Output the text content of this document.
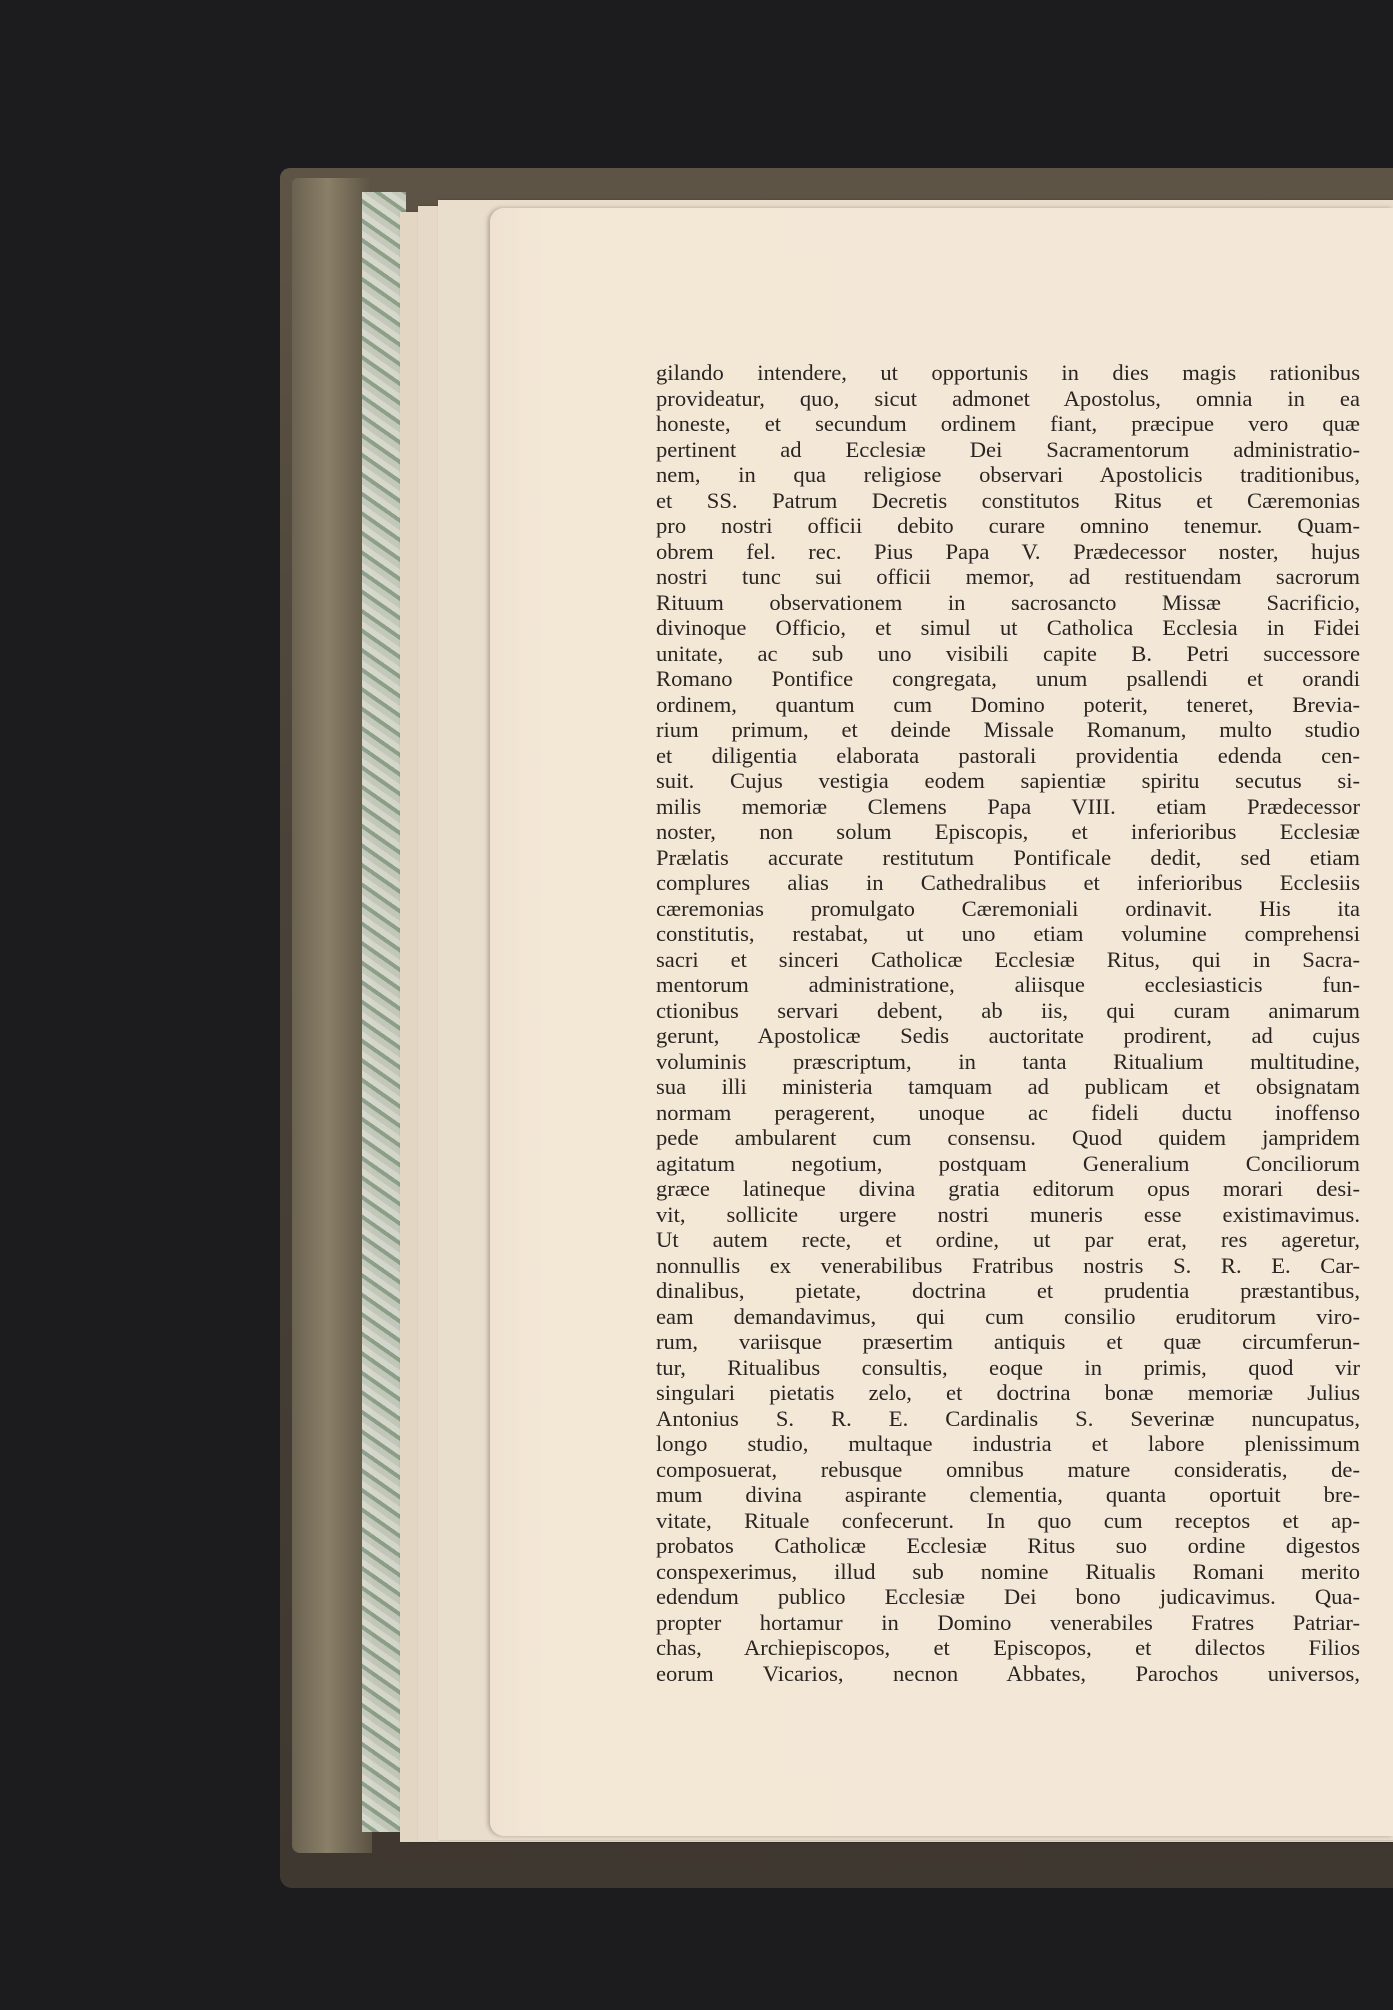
gilando intendere, ut opportunis in dies magis rationibus
provideatur, quo, sicut admonet Apostolus, omnia in ea
honeste, et secundum ordinem fiant, præcipue vero quæ
pertinent ad Ecclesiæ Dei Sacramentorum administratio-
nem, in qua religiose observari Apostolicis traditionibus,
et SS. Patrum Decretis constitutos Ritus et Cæremonias
pro nostri officii debito curare omnino tenemur. Quam-
obrem fel. rec. Pius Papa V. Prædecessor noster, hujus
nostri tunc sui officii memor, ad restituendam sacrorum
Rituum observationem in sacrosancto Missæ Sacrificio,
divinoque Officio, et simul ut Catholica Ecclesia in Fidei
unitate, ac sub uno visibili capite B. Petri successore
Romano Pontifice congregata, unum psallendi et orandi
ordinem, quantum cum Domino poterit, teneret, Brevia-
rium primum, et deinde Missale Romanum, multo studio
et diligentia elaborata pastorali providentia edenda cen-
suit. Cujus vestigia eodem sapientiæ spiritu secutus si-
milis memoriæ Clemens Papa VIII. etiam Prædecessor
noster, non solum Episcopis, et inferioribus Ecclesiæ
Prælatis accurate restitutum Pontificale dedit, sed etiam
complures alias in Cathedralibus et inferioribus Ecclesiis
cæremonias promulgato Cæremoniali ordinavit. His ita
constitutis, restabat, ut uno etiam volumine comprehensi
sacri et sinceri Catholicæ Ecclesiæ Ritus, qui in Sacra-
mentorum administratione, aliisque ecclesiasticis fun-
ctionibus servari debent, ab iis, qui curam animarum
gerunt, Apostolicæ Sedis auctoritate prodirent, ad cujus
voluminis præscriptum, in tanta Ritualium multitudine,
sua illi ministeria tamquam ad publicam et obsignatam
normam peragerent, unoque ac fideli ductu inoffenso
pede ambularent cum consensu. Quod quidem jampridem
agitatum negotium, postquam Generalium Conciliorum
græce latineque divina gratia editorum opus morari desi-
vit, sollicite urgere nostri muneris esse existimavimus.
Ut autem recte, et ordine, ut par erat, res ageretur,
nonnullis ex venerabilibus Fratribus nostris S. R. E. Car-
dinalibus, pietate, doctrina et prudentia præstantibus,
eam demandavimus, qui cum consilio eruditorum viro-
rum, variisque præsertim antiquis et quæ circumferun-
tur, Ritualibus consultis, eoque in primis, quod vir
singulari pietatis zelo, et doctrina bonæ memoriæ Julius
Antonius S. R. E. Cardinalis S. Severinæ nuncupatus,
longo studio, multaque industria et labore plenissimum
composuerat, rebusque omnibus mature consideratis, de-
mum divina aspirante clementia, quanta oportuit bre-
vitate, Rituale confecerunt. In quo cum receptos et ap-
probatos Catholicæ Ecclesiæ Ritus suo ordine digestos
conspexerimus, illud sub nomine Ritualis Romani merito
edendum publico Ecclesiæ Dei bono judicavimus. Qua-
propter hortamur in Domino venerabiles Fratres Patriar-
chas, Archiepiscopos, et Episcopos, et dilectos Filios
eorum Vicarios, necnon Abbates, Parochos universos,
